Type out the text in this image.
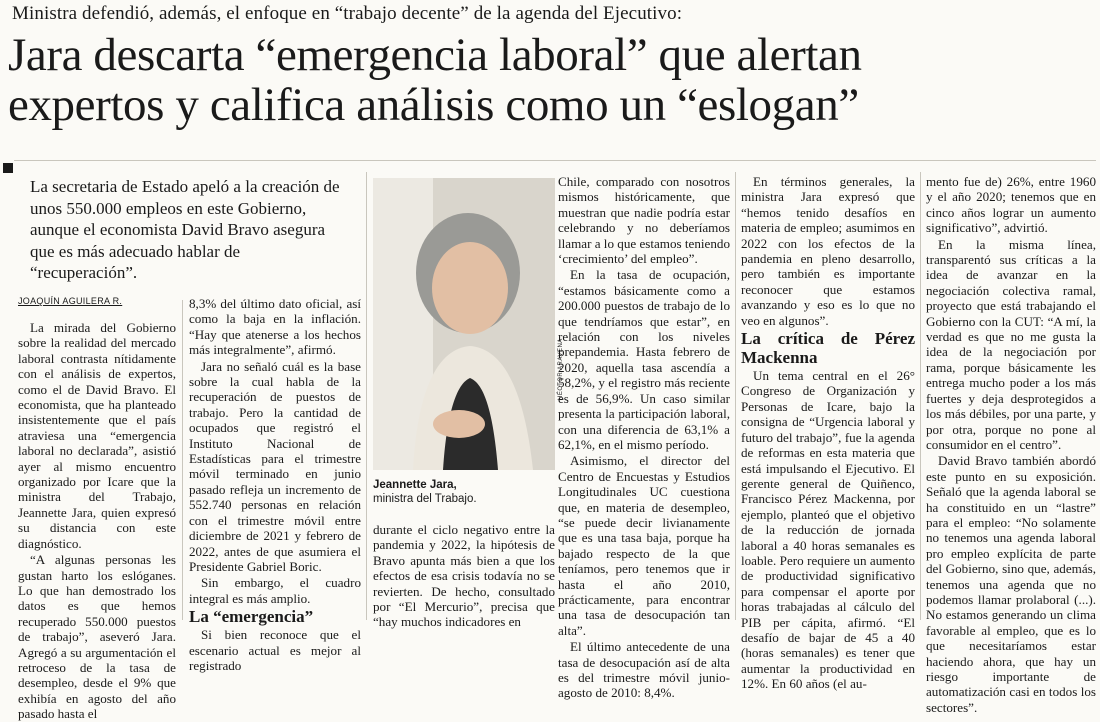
Ministra defendió, además, el enfoque en “trabajo decente” de la agenda del Ejecutivo:
Jara descarta “emergencia laboral” que alertan
expertos y califica análisis como un “eslogan”
La secretaria de Estado apeló a la creación de unos 550.000 empleos en este Gobierno, aunque el economista David Bravo asegura que es más adecuado hablar de “recuperación”.
JOAQUÍN AGUILERA R.

La mirada del Gobierno sobre la realidad del mercado laboral contrasta nítidamente con el análisis de expertos, como el de David Bravo. El economista, que ha planteado insistentemente que el país atraviesa una “emergencia laboral no declarada”, asistió ayer al mismo encuentro organizado por Icare que la ministra del Trabajo, Jeannette Jara, quien expresó su distancia con este diagnóstico.

“A algunas personas les gustan harto los eslóganes. Lo que han demostrado los datos es que hemos recuperado 550.000 puestos de trabajo”, aseveró Jara. Agregó a su argumentación el retroceso de la tasa de desempleo, desde el 9% que exhibía en agosto del año pasado hasta el

8,3% del último dato oficial, así como la baja en la inflación. “Hay que atenerse a los hechos más integralmente”, afirmó.

Jara no señaló cuál es la base sobre la cual habla de la recuperación de puestos de trabajo. Pero la cantidad de ocupados que registró el Instituto Nacional de Estadísticas para el trimestre móvil terminado en junio pasado refleja un incremento de 552.740 personas en relación con el trimestre móvil entre diciembre de 2021 y febrero de 2022, antes de que asumiera el Presidente Gabriel Boric.

Sin embargo, el cuadro integral es más amplio.

La “emergencia”

Si bien reconoce que el escenario actual es mejor al registrado

HÉCTOR ARAVENA
Jeannette Jara,
ministra del Trabajo.

durante el ciclo negativo entre la pandemia y 2022, la hipótesis de Bravo apunta más bien a que los efectos de esa crisis todavía no se revierten. De hecho, consultado por “El Mercurio”, precisa que “hay muchos indicadores en

Chile, comparado con nosotros mismos históricamente, que muestran que nadie podría estar celebrando y no deberíamos llamar a lo que estamos teniendo ‘crecimiento’ del empleo”.

En la tasa de ocupación, “estamos básicamente como a 200.000 puestos de trabajo de lo que tendríamos que estar”, en relación con los niveles prepandemia. Hasta febrero de 2020, aquella tasa ascendía a 58,2%, y el registro más reciente es de 56,9%. Un caso similar presenta la participación laboral, con una diferencia de 63,1% a 62,1%, en el mismo período.

Asimismo, el director del Centro de Encuestas y Estudios Longitudinales UC cuestiona que, en materia de desempleo, “se puede decir livianamente que es una tasa baja, porque ha bajado respecto de la que teníamos, pero tenemos que ir hasta el año 2010, prácticamente, para encontrar una tasa de desocupación tan alta”.

El último antecedente de una tasa de desocupación así de alta es del trimestre móvil junio-agosto de 2010: 8,4%.

En términos generales, la ministra Jara expresó que “hemos tenido desafíos en materia de empleo; asumimos en 2022 con los efectos de la pandemia en pleno desarrollo, pero también es importante reconocer que estamos avanzando y eso es lo que no veo en algunos”.

La crítica de Pérez Mackenna

Un tema central en el 26° Congreso de Organización y Personas de Icare, bajo la consigna de “Urgencia laboral y futuro del trabajo”, fue la agenda de reformas en esta materia que está impulsando el Ejecutivo. El gerente general de Quiñenco, Francisco Pérez Mackenna, por ejemplo, planteó que el objetivo de la reducción de jornada laboral a 40 horas semanales es loable. Pero requiere un aumento de productividad significativo para compensar el aporte por horas trabajadas al cálculo del PIB per cápita, afirmó. “El desafío de bajar de 45 a 40 (horas semanales) es tener que aumentar la productividad en 12%. En 60 años (el au-

mento fue de) 26%, entre 1960 y el año 2020; tenemos que en cinco años lograr un aumento significativo”, advirtió.

En la misma línea, transparentó sus críticas a la idea de avanzar en la negociación colectiva ramal, proyecto que está trabajando el Gobierno con la CUT: “A mí, la verdad es que no me gusta la idea de la negociación por rama, porque básicamente les entrega mucho poder a los más fuertes y deja desprotegidos a los más débiles, por una parte, y por otra, porque no pone al consumidor en el centro”.

David Bravo también abordó este punto en su exposición. Señaló que la agenda laboral se ha constituido en un “lastre” para el empleo: “No solamente no tenemos una agenda laboral pro empleo explícita de parte del Gobierno, sino que, además, tenemos una agenda que no podemos llamar prolaboral (...). No estamos generando un clima favorable al empleo, que es lo que necesitaríamos estar haciendo ahora, que hay un riesgo importante de automatización casi en todos los sectores”.
